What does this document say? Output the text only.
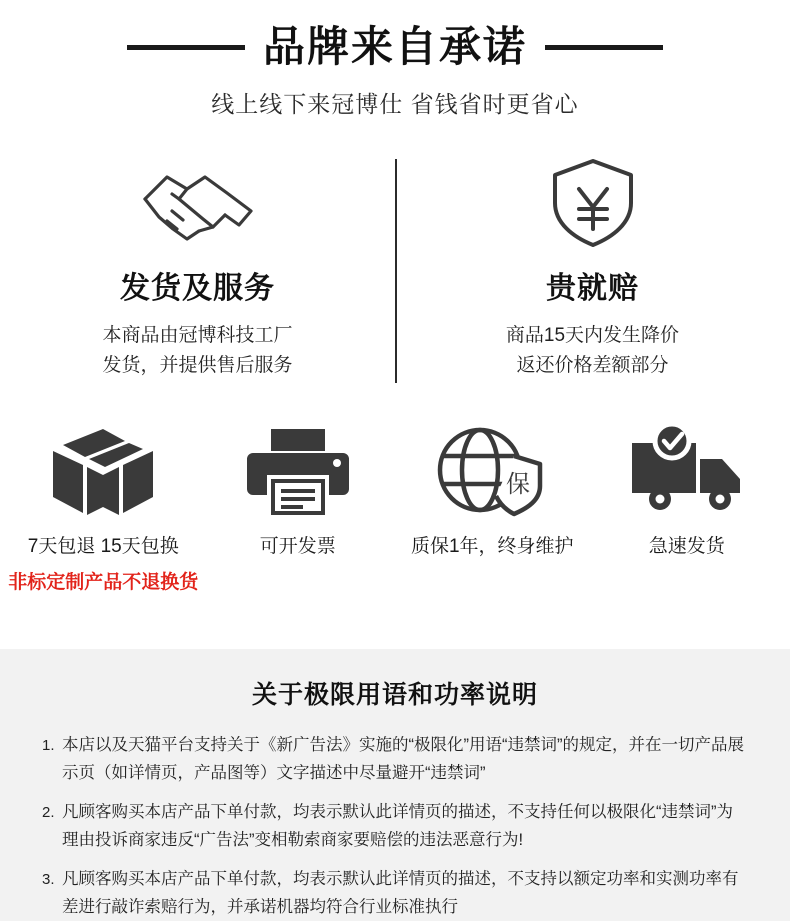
品牌来自承诺
线上线下来冠博仕 省钱省时更省心
发货及服务
本商品由冠博科技工厂
发货，并提供售后服务
贵就赔
商品15天内发生降价
返还价格差额部分
7天包退 15天包换
非标定制产品不退换货
可开发票
保
质保1年，终身维护	急速发货
关于极限用语和功率说明
1. 本店以及天猫平台支持关于《新广告法》实施的“极限化”用语“违禁词”的规定，并在一切产品展示页（如详情页，产品图等）文字描述中尽量避开“违禁词”
2. 凡顾客购买本店产品下单付款，均表示默认此详情页的描述，不支持任何以极限化“违禁词”为理由投诉商家违反“广告法”变相勒索商家要赔偿的违法恶意行为!
3. 凡顾客购买本店产品下单付款，均表示默认此详情页的描述，不支持以额定功率和实测功率有差进行敲诈索赔行为，并承诺机器均符合行业标准执行
